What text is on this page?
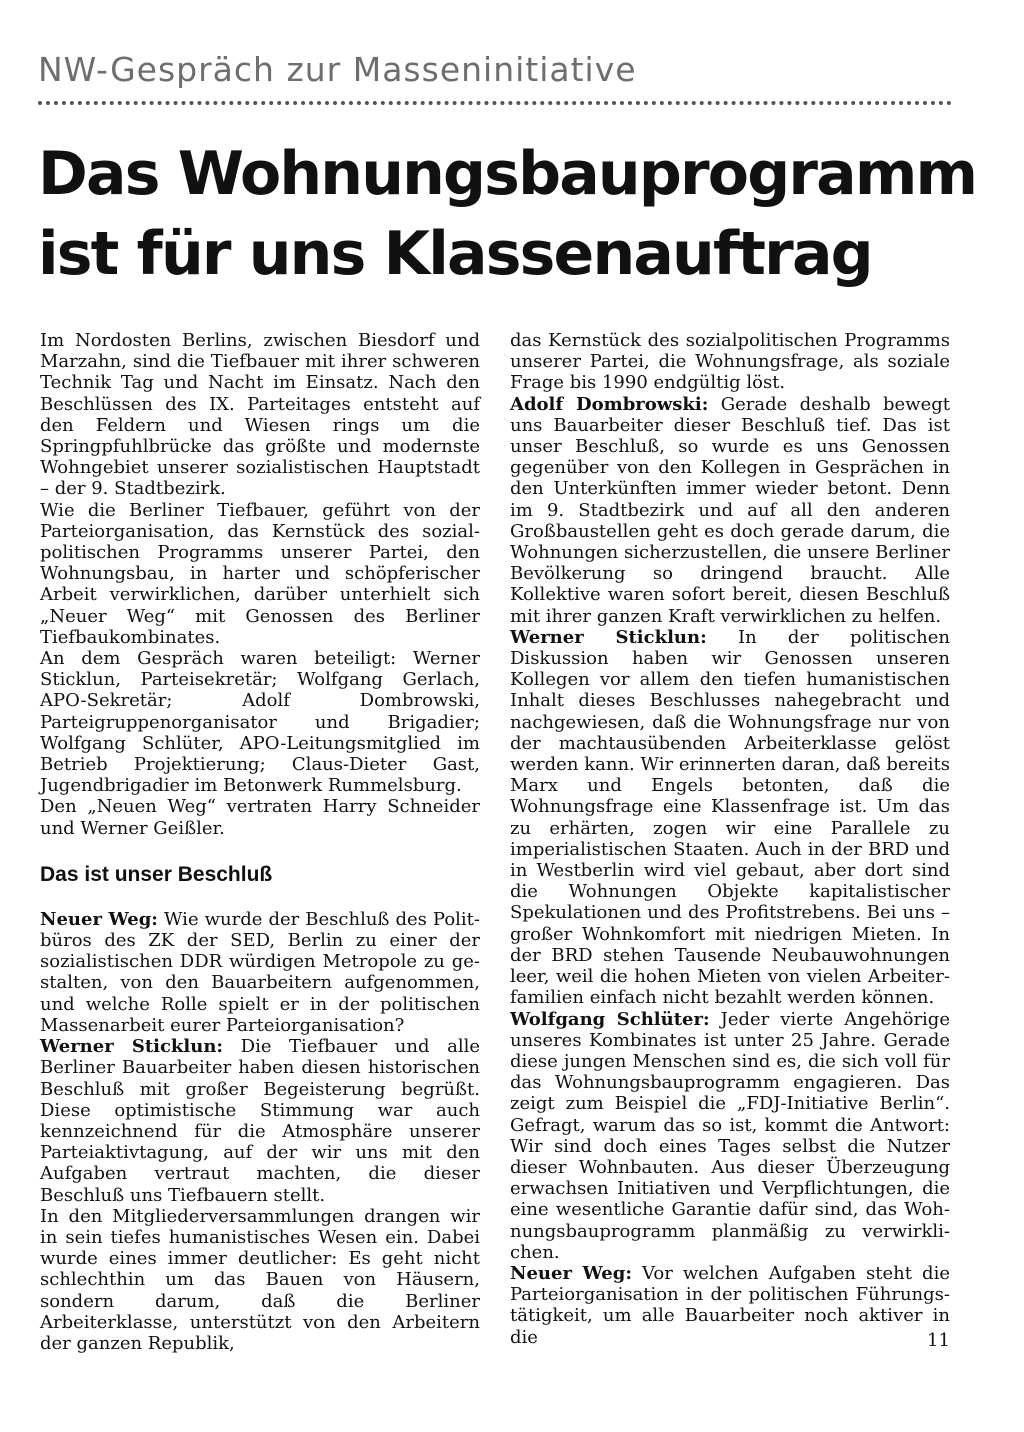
NW-Gespräch zur Masseninitiative
Das Wohnungsbauprogramm
ist für uns Klassenauftrag

Im Nordosten Berlins, zwischen Biesdorf und Marzahn, sind die Tiefbauer mit ihrer schweren Technik Tag und Nacht im Einsatz. Nach den Beschlüssen des IX. Parteitages entsteht auf den Feldern und Wiesen rings um die Springpfuhlbrücke das größte und modernste Wohngebiet unserer sozialistischen Hauptstadt – der 9. Stadtbezirk.

Wie die Berliner Tiefbauer, geführt von der Parteiorganisation, das Kernstück des sozialpolitischen Programms unserer Partei, den Wohnungsbau, in harter und schöpferischer Arbeit verwirklichen, darüber unterhielt sich „Neuer Weg“ mit Genossen des Berliner Tiefbaukombinates.

An dem Gespräch waren beteiligt: Werner Sticklun, Parteisekretär; Wolfgang Gerlach, APO-Sekretär; Adolf Dombrowski, Parteigruppenorganisator und Brigadier; Wolfgang Schlüter, APO-Leitungsmitglied im Betrieb Projektierung; Claus-Dieter Gast, Jugendbrigadier im Betonwerk Rummelsburg.

Den „Neuen Weg“ vertraten Harry Schneider und Werner Geißler.

Das ist unser Beschluß

Neuer Weg: Wie wurde der Beschluß des Politbüros des ZK der SED, Berlin zu einer der sozialistischen DDR würdigen Metropole zu gestalten, von den Bauarbeitern aufgenommen, und welche Rolle spielt er in der politischen Massenarbeit eurer Parteiorganisation?

Werner Sticklun: Die Tiefbauer und alle Berliner Bauarbeiter haben diesen historischen Beschluß mit großer Begeisterung begrüßt. Diese optimistische Stimmung war auch kennzeichnend für die Atmosphäre unserer Parteiaktivtagung, auf der wir uns mit den Aufgaben vertraut machten, die dieser Beschluß uns Tiefbauern stellt.

In den Mitgliederversammlungen drangen wir in sein tiefes humanistisches Wesen ein. Dabei wurde eines immer deutlicher: Es geht nicht schlechthin um das Bauen von Häusern, sondern darum, daß die Berliner Arbeiterklasse, unterstützt von den Arbeitern der ganzen Republik,

das Kernstück des sozialpolitischen Programms unserer Partei, die Wohnungsfrage, als soziale Frage bis 1990 endgültig löst.

Adolf Dombrowski: Gerade deshalb bewegt uns Bauarbeiter dieser Beschluß tief. Das ist unser Beschluß, so wurde es uns Genossen gegenüber von den Kollegen in Gesprächen in den Unterkünften immer wieder betont. Denn im 9. Stadtbezirk und auf all den anderen Großbaustellen geht es doch gerade darum, die Wohnungen sicherzustellen, die unsere Berliner Bevölkerung so dringend braucht. Alle Kollektive waren sofort bereit, diesen Beschluß mit ihrer ganzen Kraft verwirklichen zu helfen.

Werner Sticklun: In der politischen Diskussion haben wir Genossen unseren Kollegen vor allem den tiefen humanistischen Inhalt dieses Beschlusses nahegebracht und nachgewiesen, daß die Wohnungsfrage nur von der machtausübenden Arbeiterklasse gelöst werden kann. Wir erinnerten daran, daß bereits Marx und Engels betonten, daß die Wohnungsfrage eine Klassenfrage ist. Um das zu erhärten, zogen wir eine Parallele zu imperialistischen Staaten. Auch in der BRD und in Westberlin wird viel gebaut, aber dort sind die Wohnungen Objekte kapitalistischer Spekulationen und des Profitstrebens. Bei uns – großer Wohnkomfort mit niedrigen Mieten. In der BRD stehen Tausende Neubauwohnungen leer, weil die hohen Mieten von vielen Arbeiterfamilien einfach nicht bezahlt werden können.

Wolfgang Schlüter: Jeder vierte Angehörige unseres Kombinates ist unter 25 Jahre. Gerade diese jungen Menschen sind es, die sich voll für das Wohnungsbauprogramm engagieren. Das zeigt zum Beispiel die „FDJ-Initiative Berlin“. Gefragt, warum das so ist, kommt die Antwort: Wir sind doch eines Tages selbst die Nutzer dieser Wohnbauten. Aus dieser Überzeugung erwachsen Initiativen und Verpflichtungen, die eine wesentliche Garantie dafür sind, das Wohnungsbauprogramm planmäßig zu verwirklichen.

Neuer Weg: Vor welchen Aufgaben steht die Parteiorganisation in der politischen Führungstätigkeit, um alle Bauarbeiter noch aktiver in die	11
